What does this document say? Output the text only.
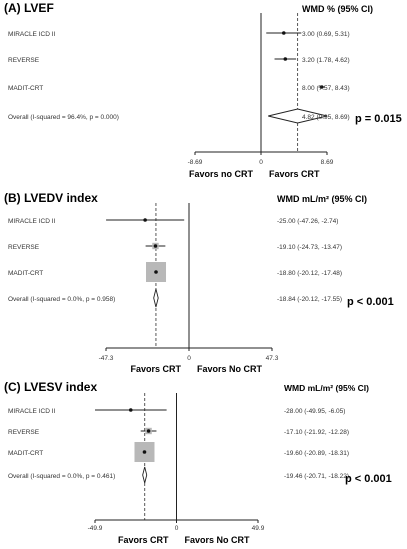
(A) LVEF	WMD % (95% CI)
MIRACLE ICD II	3.00 (0.69, 5.31)
REVERSE	3.20 (1.78, 4.62)
MADIT-CRT	8.00 (7.57, 8.43)
Overall (I-squared = 96.4%, p = 0.000)	4.82 (0.95, 8.69) p = 0.015
-8.69	0	8.69
Favors no CRT Favors CRT
(B) LVEDV index	WMD mL/m² (95% CI)
MIRACLE ICD II	-25.00 (-47.26, -2.74)
REVERSE	-19.10 (-24.73, -13.47)
MADIT-CRT	-18.80 (-20.12, -17.48)
Overall (I-squared = 0.0%, p = 0.958)	-18.84 (-20.12, -17.55) p < 0.001
-47.3	0	47.3
Favors CRT Favors No CRT
(C) LVESV index	WMD mL/m² (95% CI)
MIRACLE ICD II	-28.00 (-49.95, -6.05)
REVERSE	-17.10 (-21.92, -12.28)
MADIT-CRT	-19.60 (-20.89, -18.31)
Overall (I-squared = 0.0%, p = 0.461)	-19.46 (-20.71, -18.22)
p < 0.001
-49.9	0	49.9
Favors CRT Favors No CRT
